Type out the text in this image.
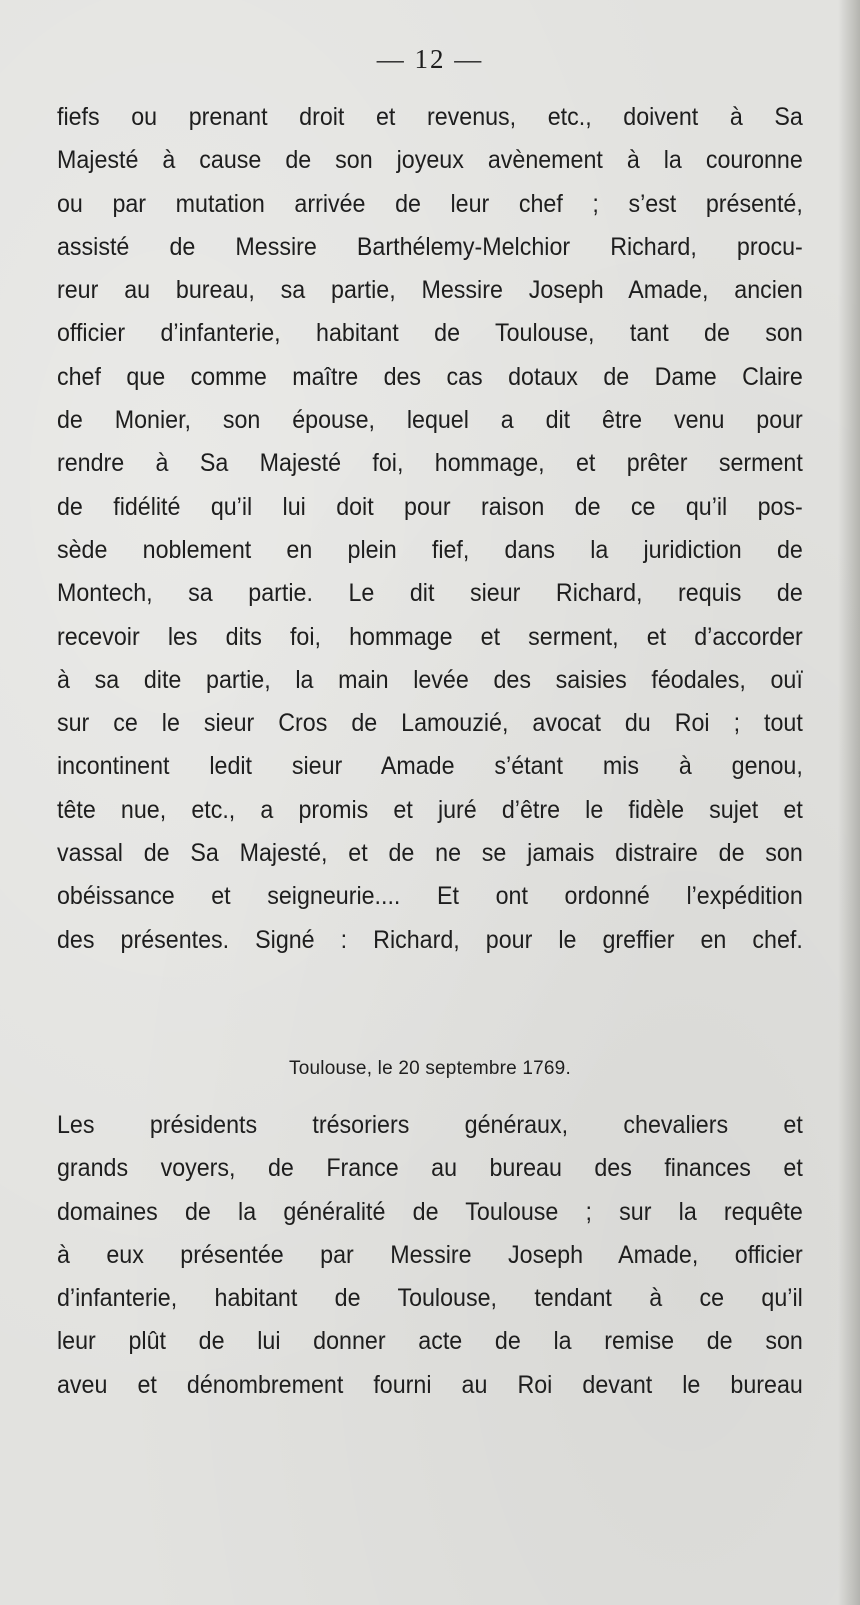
— 12 —
fiefs ou prenant droit et revenus, etc., doivent à Sa
Majesté à cause de son joyeux avènement à la couronne
ou par mutation arrivée de leur chef ; s’est présenté,
assisté de Messire Barthélemy-Melchior Richard, procu-
reur au bureau, sa partie, Messire Joseph Amade, ancien
officier d’infanterie, habitant de Toulouse, tant de son
chef que comme maître des cas dotaux de Dame Claire
de Monier, son épouse, lequel a dit être venu pour
rendre à Sa Majesté foi, hommage, et prêter serment
de fidélité qu’il lui doit pour raison de ce qu’il pos-
sède noblement en plein fief, dans la juridiction de
Montech, sa partie. Le dit sieur Richard, requis de
recevoir les dits foi, hommage et serment, et d’accorder
à sa dite partie, la main levée des saisies féodales, ouï
sur ce le sieur Cros de Lamouzié, avocat du Roi ; tout
incontinent ledit sieur Amade s’étant mis à genou,
tête nue, etc., a promis et juré d’être le fidèle sujet et
vassal de Sa Majesté, et de ne se jamais distraire de son
obéissance et seigneurie.... Et ont ordonné l’expédition
des présentes. Signé : Richard, pour le greffier en chef.
Toulouse, le 20 septembre 1769.
Les présidents trésoriers généraux, chevaliers et
grands voyers, de France au bureau des finances et
domaines de la généralité de Toulouse ; sur la requête
à eux présentée par Messire Joseph Amade, officier
d’infanterie, habitant de Toulouse, tendant à ce qu’il
leur plût de lui donner acte de la remise de son
aveu et dénombrement fourni au Roi devant le bureau
